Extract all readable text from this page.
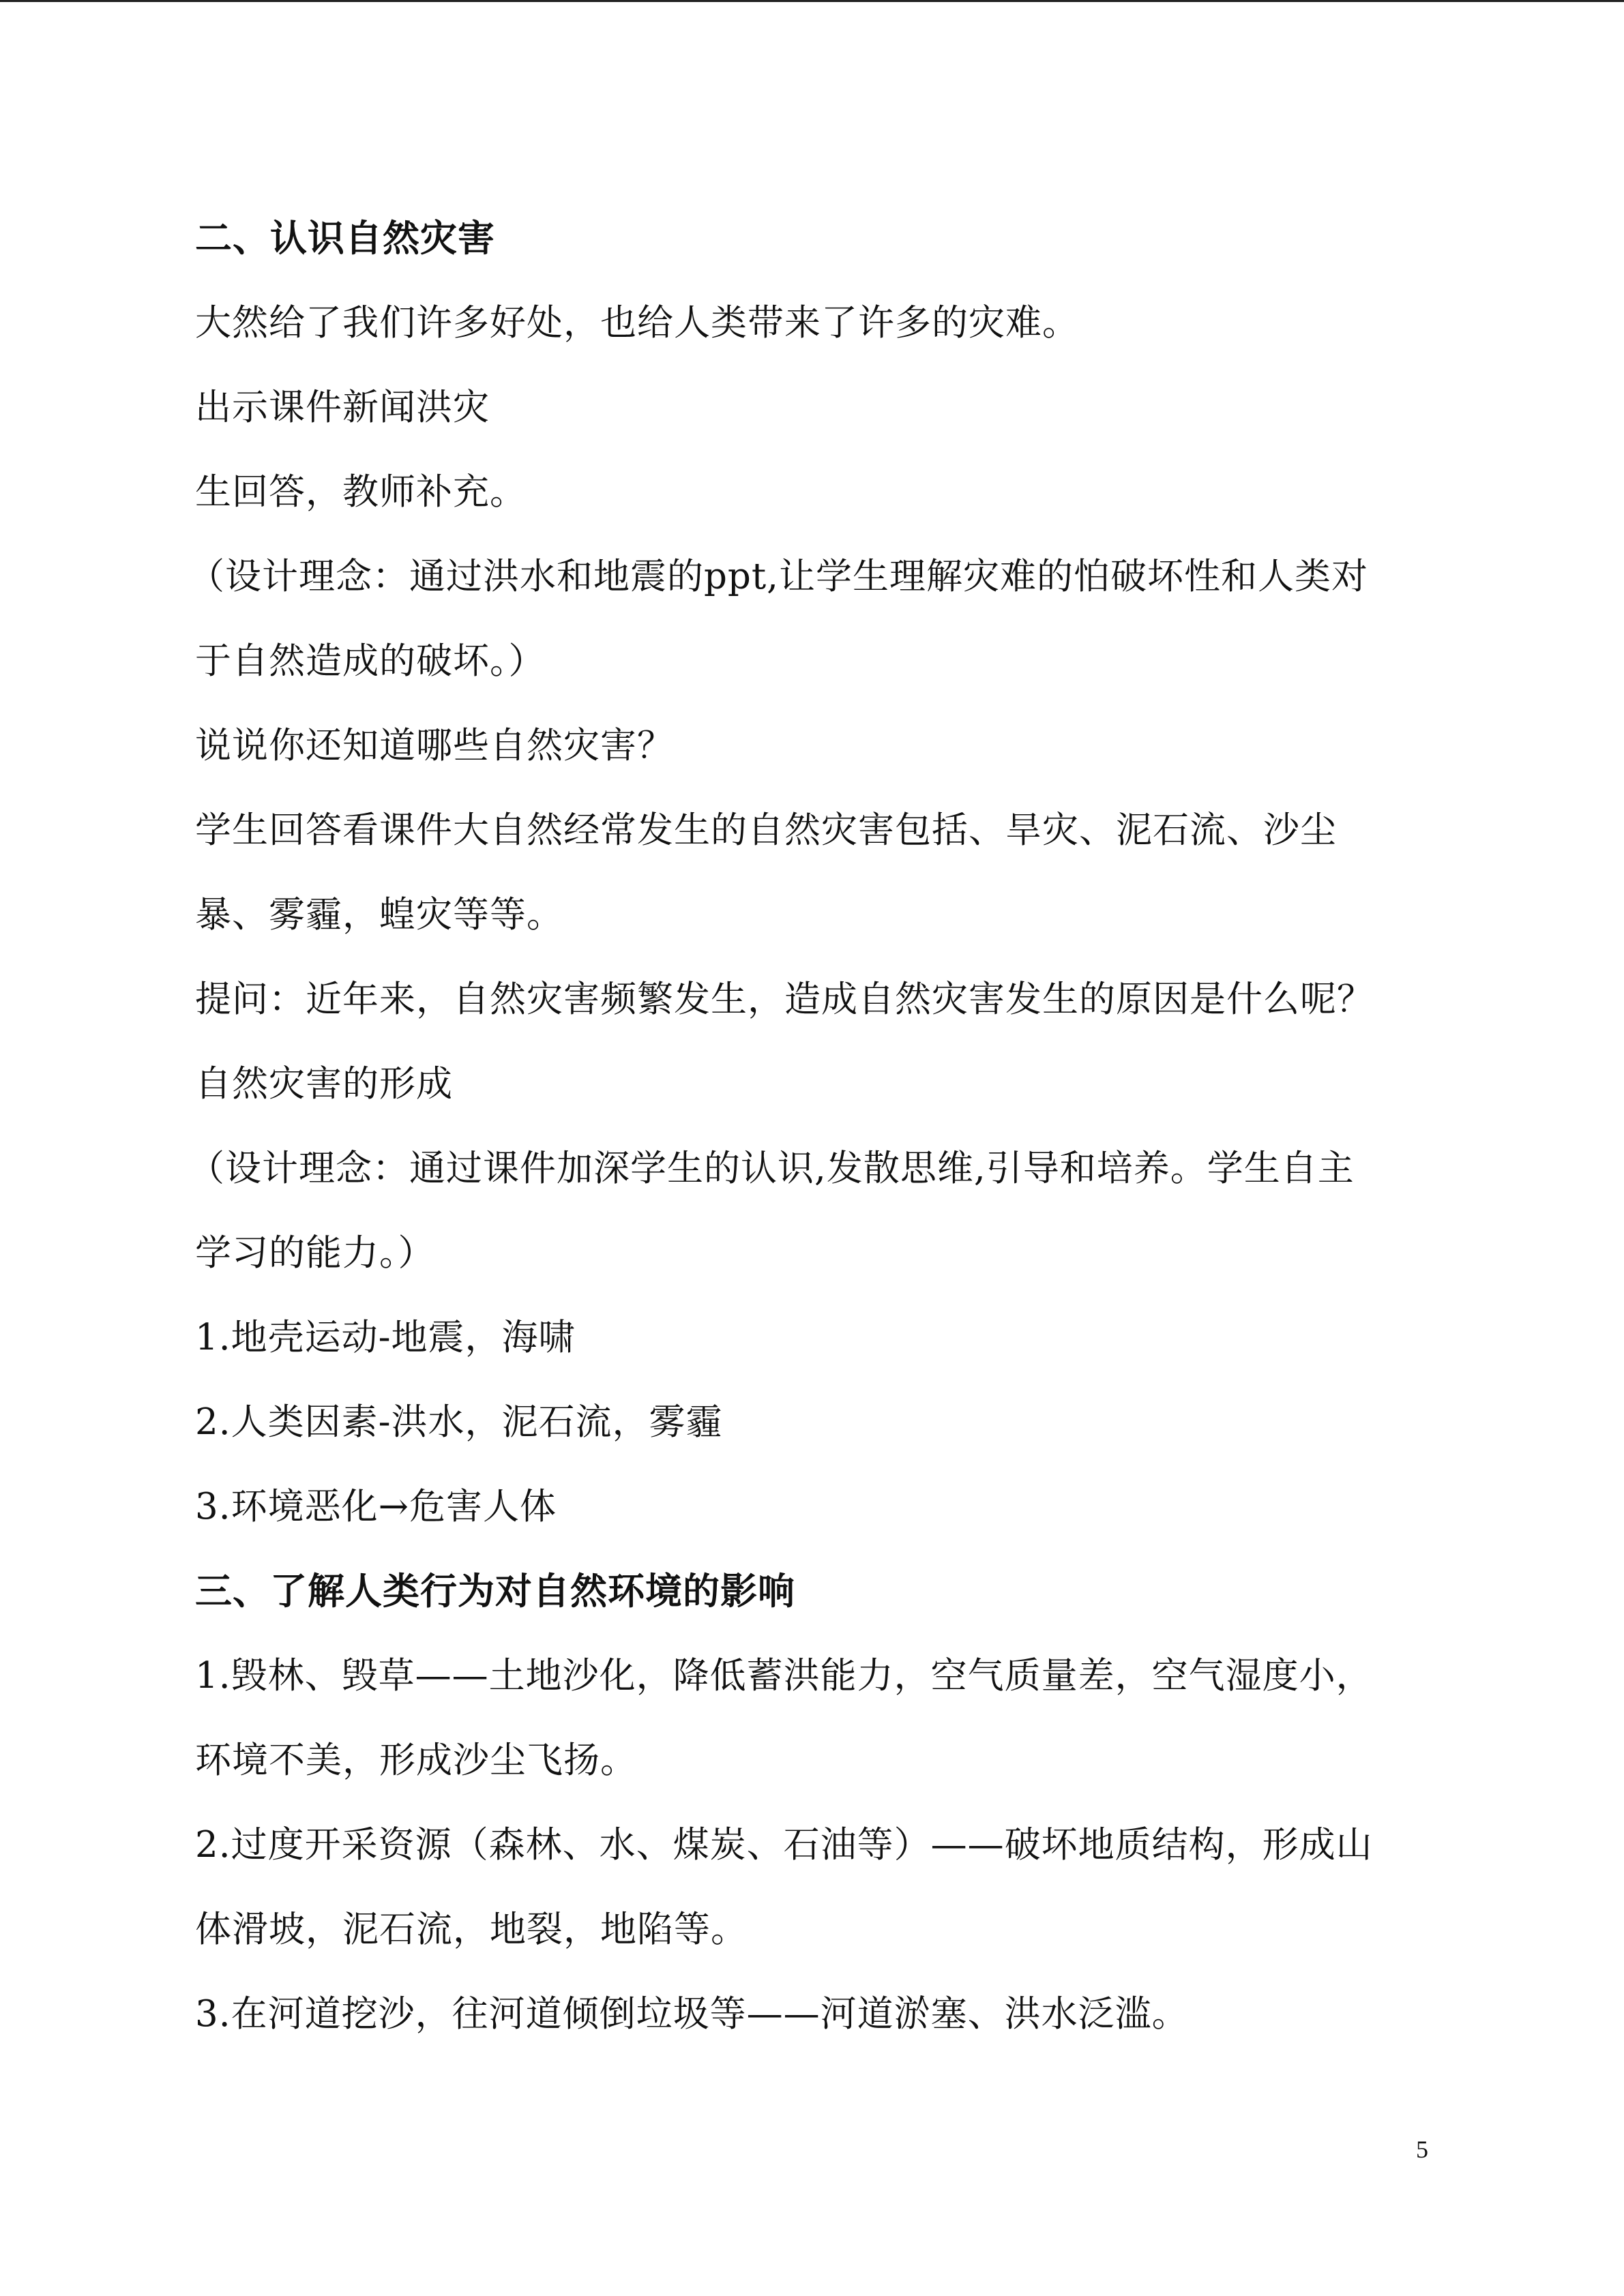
二、认识自然灾害
大然给了我们许多好处，也给人类带来了许多的灾难。
出示课件新闻洪灾
生回答，教师补充。
（设计理念：通过洪水和地震的ppt,让学生理解灾难的怕破坏性和人类对
于自然造成的破坏。）
说说你还知道哪些自然灾害？
学生回答看课件大自然经常发生的自然灾害包括、旱灾、泥石流、沙尘
暴、雾霾，蝗灾等等。
提问：近年来，自然灾害频繁发生，造成自然灾害发生的原因是什么呢？
自然灾害的形成
（设计理念：通过课件加深学生的认识,发散思维,引导和培养。学生自主
学习的能力。）
1.地壳运动-地震，海啸
2.人类因素-洪水，泥石流，雾霾
3.环境恶化→危害人体
三、了解人类行为对自然环境的影响
1.毁林、毁草——土地沙化，降低蓄洪能力，空气质量差，空气湿度小，
环境不美，形成沙尘飞扬。
2.过度开采资源（森林、水、煤炭、石油等）——破坏地质结构，形成山
体滑坡，泥石流，地裂，地陷等。
3.在河道挖沙，往河道倾倒垃圾等——河道淤塞、洪水泛滥。
5
